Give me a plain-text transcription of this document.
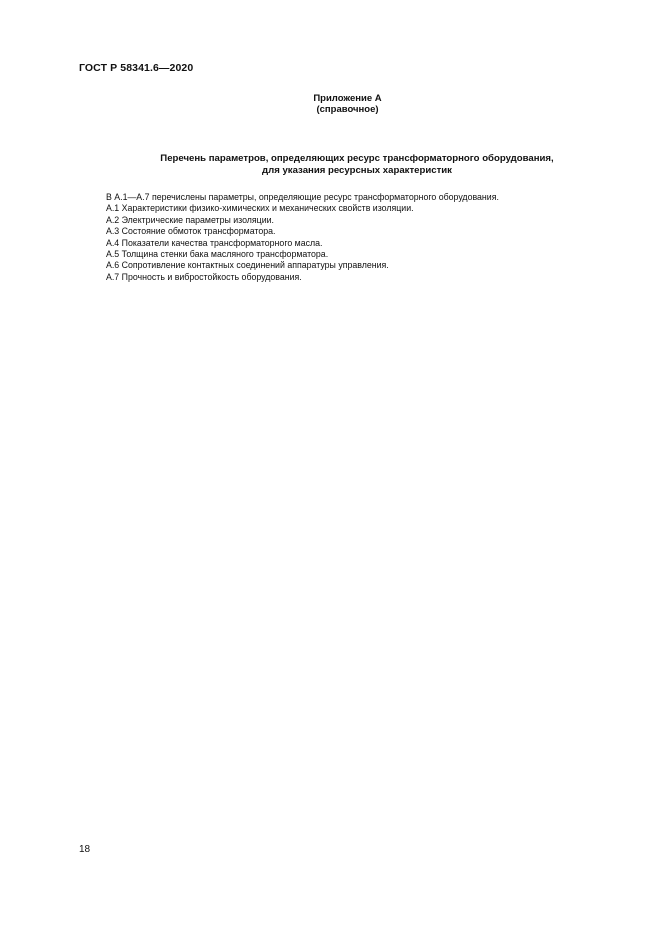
ГОСТ Р 58341.6—2020
Приложение А
(справочное)
Перечень параметров, определяющих ресурс трансформаторного оборудования,
для указания ресурсных характеристик
В А.1—А.7 перечислены параметры, определяющие ресурс трансформаторного оборудования.
А.1 Характеристики физико-химических и механических свойств изоляции.
А.2 Электрические параметры изоляции.
А.3 Состояние обмоток трансформатора.
А.4 Показатели качества трансформаторного масла.
А.5 Толщина стенки бака масляного трансформатора.
А.6 Сопротивление контактных соединений аппаратуры управления.
А.7 Прочность и вибростойкость оборудования.
18
